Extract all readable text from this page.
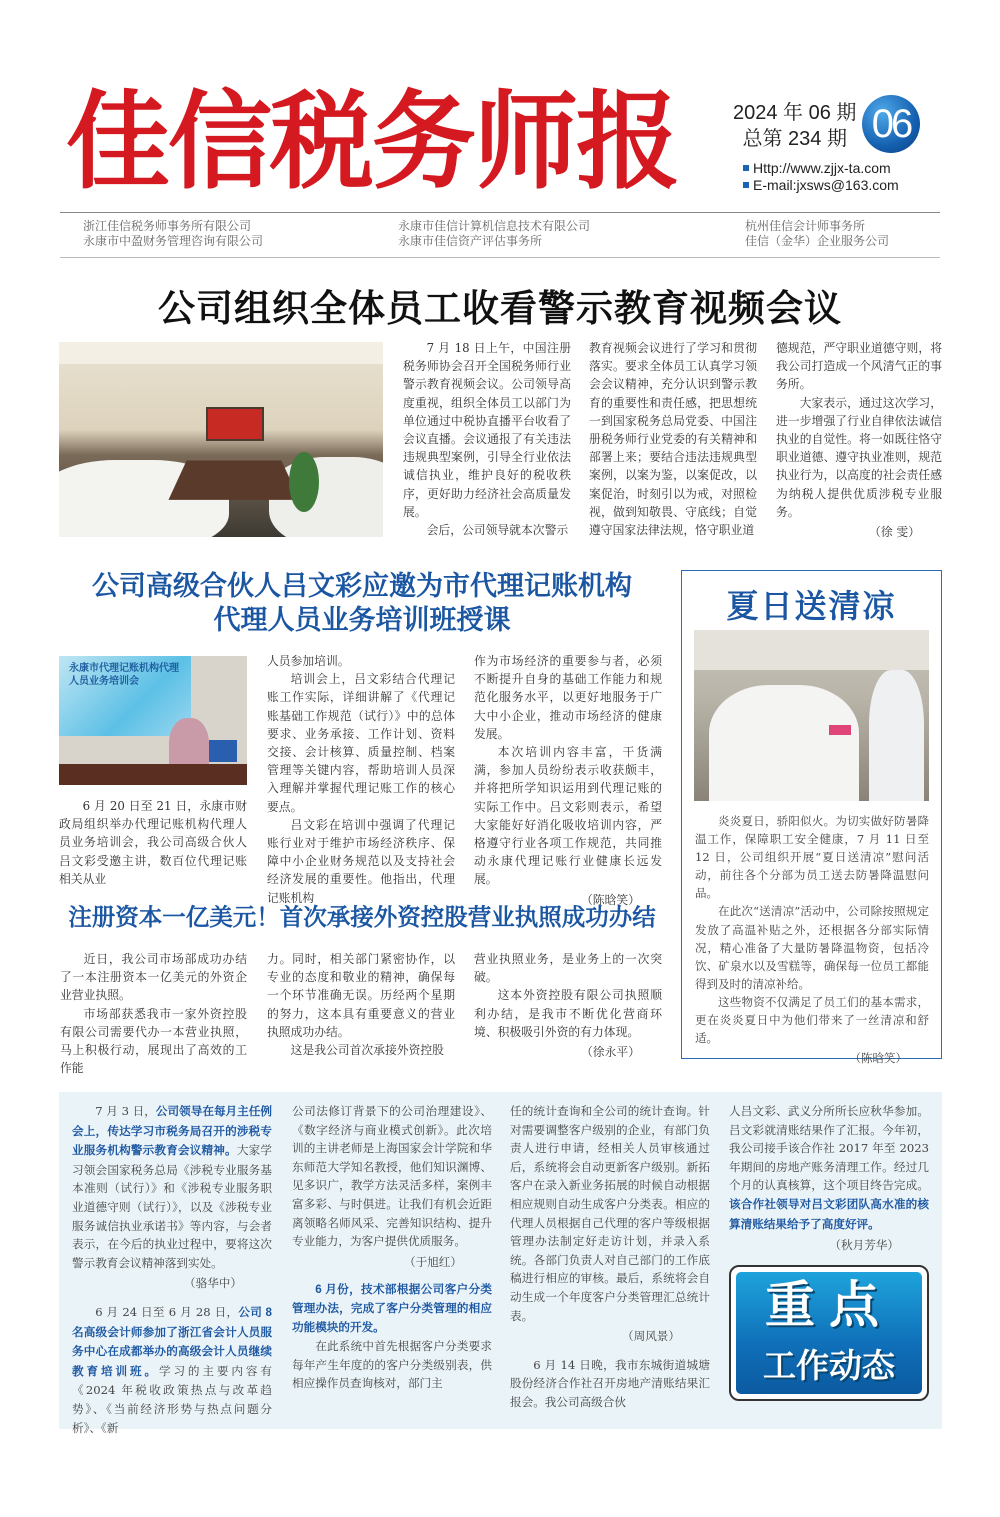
佳信税务师报	2024 年 06 期
总第 234 期 06
Http://www.zjjx-ta.com
E-mail:jxsws@163.com
浙江佳信税务师事务所有限公司
永康市中盈财务管理咨询有限公司
永康市佳信计算机信息技术有限公司
永康市佳信资产评估事务所
杭州佳信会计师事务所
佳信（金华）企业服务公司
公司组织全体员工收看警示教育视频会议

7 月 18 日上午，中国注册税务师协会召开全国税务师行业警示教育视频会议。公司领导高度重视，组织全体员工以部门为单位通过中税协直播平台收看了会议直播。会议通报了有关违法违规典型案例，引导全行业依法诚信执业，维护良好的税收秩序，更好助力经济社会高质量发展。

会后，公司领导就本次警示

教育视频会议进行了学习和贯彻落实。要求全体员工认真学习领会会议精神，充分认识到警示教育的重要性和责任感，把思想统一到国家税务总局党委、中国注册税务师行业党委的有关精神和部署上来；要结合违法违规典型案例，以案为鉴，以案促改，以案促治，时刻引以为戒，对照检视，做到知敬畏、守底线；自觉遵守国家法律法规，恪守职业道

德规范，严守职业道德守则，将我公司打造成一个风清气正的事务所。

大家表示，通过这次学习，进一步增强了行业自律依法诚信执业的自觉性。将一如既往恪守职业道德、遵守执业准则，规范执业行为，以高度的社会责任感为纳税人提供优质涉税专业服务。

（徐 雯）

公司高级合伙人吕文彩应邀为市代理记账机构
代理人员业务培训班授课
永康市代理记账机构代理人员业务培训会

6 月 20 日至 21 日，永康市财政局组织举办代理记账机构代理人员业务培训会，我公司高级合伙人吕文彩受邀主讲，数百位代理记账相关从业

人员参加培训。

培训会上，吕文彩结合代理记账工作实际，详细讲解了《代理记账基础工作规范（试行）》中的总体要求、业务承接、工作计划、资料交接、会计核算、质量控制、档案管理等关键内容，帮助培训人员深入理解并掌握代理记账工作的核心要点。

吕文彩在培训中强调了代理记账行业对于维护市场经济秩序、保障中小企业财务规范以及支持社会经济发展的重要性。他指出，代理记账机构

作为市场经济的重要参与者，必须不断提升自身的基础工作能力和规范化服务水平，以更好地服务于广大中小企业，推动市场经济的健康发展。

本次培训内容丰富，干货满满，参加人员纷纷表示收获颇丰，并将把所学知识运用到代理记账的实际工作中。吕文彩则表示，希望大家能好好消化吸收培训内容，严格遵守行业各项工作规范，共同推动永康代理记账行业健康长远发展。

（陈晗笑）

注册资本一亿美元！首次承接外资控股营业执照成功办结

近日，我公司市场部成功办结了一本注册资本一亿美元的外资企业营业执照。

市场部获悉我市一家外资控股有限公司需要代办一本营业执照，马上积极行动，展现出了高效的工作能

力。同时，相关部门紧密协作，以专业的态度和敬业的精神，确保每一个环节准确无误。历经两个星期的努力，这本具有重要意义的营业执照成功办结。

这是我公司首次承接外资控股

营业执照业务，是业务上的一次突破。

这本外资控股有限公司执照顺利办结，是我市不断优化营商环境、积极吸引外资的有力体现。

（徐永平）

夏日送清凉

炎炎夏日，骄阳似火。为切实做好防暑降温工作，保障职工安全健康，7 月 11 日至 12 日，公司组织开展“夏日送清凉”慰问活动，前往各个分部为员工送去防暑降温慰问品。

在此次“送清凉”活动中，公司除按照规定发放了高温补贴之外，还根据各分部实际情况，精心准备了大量防暑降温物资，包括冷饮、矿泉水以及雪糕等，确保每一位员工都能得到及时的清凉补给。

这些物资不仅满足了员工们的基本需求，更在炎炎夏日中为他们带来了一丝清凉和舒适。

（陈晗笑）

7 月 3 日，公司领导在每月主任例会上，传达学习市税务局召开的涉税专业服务机构警示教育会议精神。大家学习领会国家税务总局《涉税专业服务基本准则（试行）》和《涉税专业服务职业道德守则（试行）》，以及《涉税专业服务诚信执业承诺书》等内容，与会者表示，在今后的执业过程中，要将这次警示教育会议精神落到实处。

（骆华中）

6 月 24 日至 6 月 28 日，公司 8 名高级会计师参加了浙江省会计人员服务中心在成都举办的高级会计人员继续教育培训班。学习的主要内容有《2024 年税收政策热点与改革趋势》、《当前经济形势与热点问题分析》、《新

公司法修订背景下的公司治理建设》、《数字经济与商业模式创新》。此次培训的主讲老师是上海国家会计学院和华东师范大学知名教授，他们知识渊博、见多识广，教学方法灵活多样，案例丰富多彩、与时俱进。让我们有机会近距离领略名师风采、完善知识结构、提升专业能力，为客户提供优质服务。

（于旭红）

6 月份，技术部根据公司客户分类管理办法，完成了客户分类管理的相应功能模块的开发。

在此系统中首先根据客户分类要求每年产生年度的的客户分类级别表，供相应操作员查询核对，部门主

任的统计查询和全公司的统计查询。针对需要调整客户级别的企业，有部门负责人进行申请，经相关人员审核通过后，系统将会自动更新客户级别。新拓客户在录入新业务拓展的时候自动根据相应规则自动生成客户分类表。相应的代理人员根据自己代理的客户等级根据管理办法制定好走访计划，并录入系统。各部门负责人对自己部门的工作底稿进行相应的审核。最后，系统将会自动生成一个年度客户分类管理汇总统计表。

（周风景）

6 月 14 日晚，我市东城街道城塘股份经济合作社召开房地产清账结果汇报会。我公司高级合伙

人吕文彩、武义分所所长应秋华参加。吕文彩就清账结果作了汇报。今年初，我公司接手该合作社 2017 年至 2023 年期间的房地产账务清理工作。经过几个月的认真核算，这个项目终告完成。该合作社领导对吕文彩团队高水准的核算清账结果给予了高度好评。

（秋月芳华）

重点
工作动态
